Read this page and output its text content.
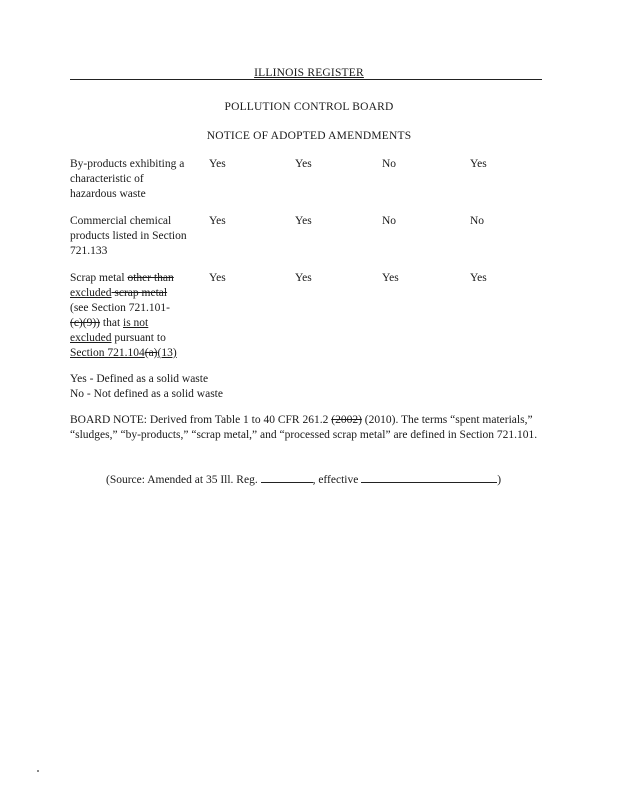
ILLINOIS REGISTER
POLLUTION CONTROL BOARD
NOTICE OF ADOPTED AMENDMENTS
By-products exhibiting a
characteristic of
hazardous waste
Yes	Yes	No	Yes
Commercial chemical
products listed in Section
721.133
Yes	Yes	No	No
Scrap metal other than
excluded scrap metal
(see Section 721.101-
(c)(9)) that is not
excluded pursuant to
Section 721.104(a)(13)
Yes	Yes	Yes	Yes
Yes - Defined as a solid waste
No - Not defined as a solid waste
BOARD NOTE: Derived from Table 1 to 40 CFR 261.2 (2002) (2010). The terms “spent materials,” “sludges,” “by-products,” “scrap metal,” and “processed scrap metal” are defined in Section 721.101.
(Source: Amended at 35 Ill. Reg.	, effective	)
